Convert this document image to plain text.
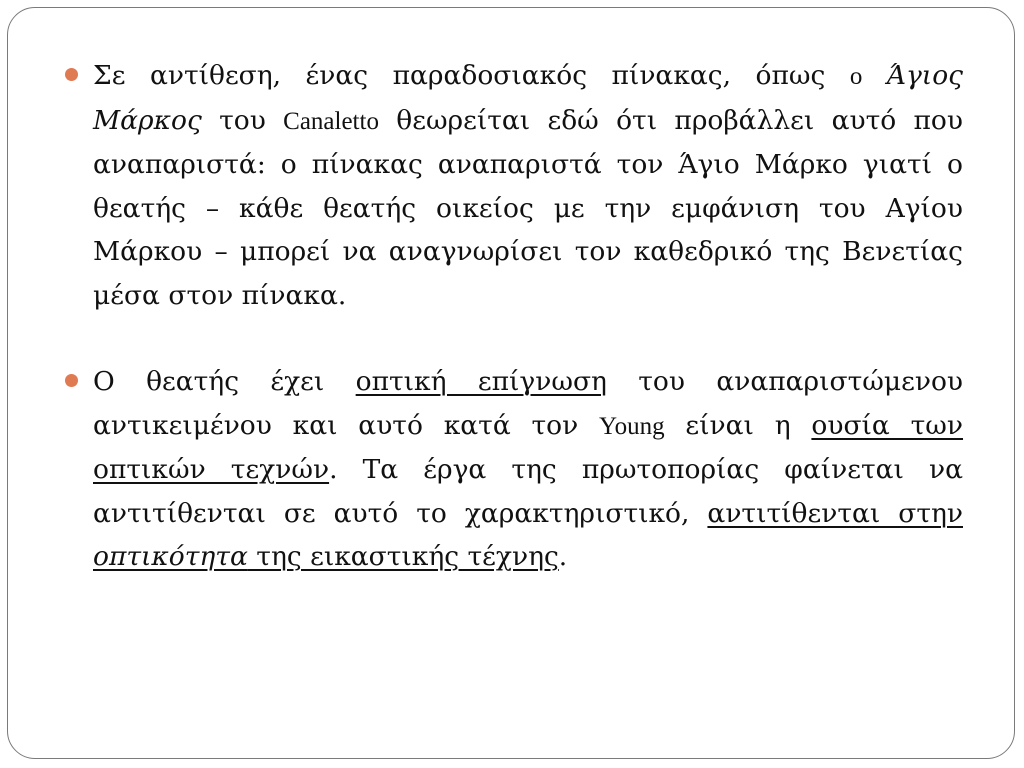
Σε αντίθεση, ένας παραδοσιακός πίνακας, όπως ο Άγιος Μάρκος του Canaletto θεωρείται εδώ ότι προβάλλει αυτό που αναπαριστά: ο πίνακας αναπαριστά τον Άγιο Μάρκο γιατί ο θεατής – κάθε θεατής οικείος με την εμφάνιση του Αγίου Μάρκου – μπορεί να αναγνωρίσει τον καθεδρικό της Βενετίας μέσα στον πίνακα.
Ο θεατής έχει οπτική επίγνωση του αναπαριστώμενου αντικειμένου και αυτό κατά τον Young είναι η ουσία των οπτικών τεχνών. Τα έργα της πρωτοπορίας φαίνεται να αντιτίθενται σε αυτό το χαρακτηριστικό, αντιτίθενται στην οπτικότητα της εικαστικής τέχνης.
